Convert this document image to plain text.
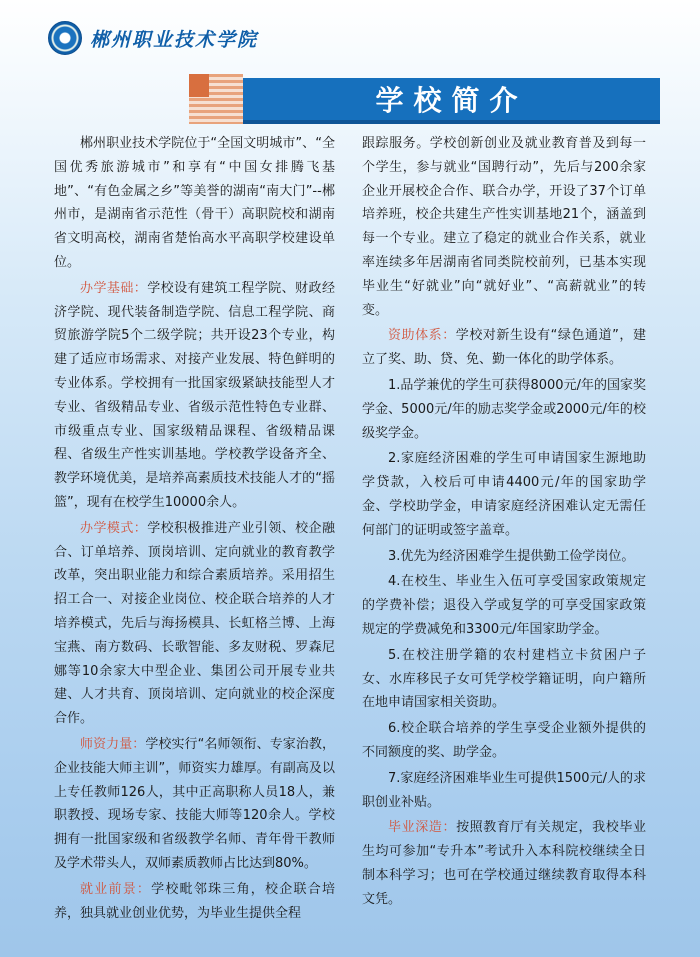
郴州职业技术学院
学校简介

郴州职业技术学院位于“全国文明城市”、“全国优秀旅游城市”和享有“中国女排腾飞基地”、“有色金属之乡”等美誉的湖南“南大门”--郴州市，是湖南省示范性（骨干）高职院校和湖南省文明高校，湖南省楚怡高水平高职学校建设单位。

办学基础：学校设有建筑工程学院、财政经济学院、现代装备制造学院、信息工程学院、商贸旅游学院5个二级学院；共开设23个专业，构建了适应市场需求、对接产业发展、特色鲜明的专业体系。学校拥有一批国家级紧缺技能型人才专业、省级精品专业、省级示范性特色专业群、市级重点专业、国家级精品课程、省级精品课程、省级生产性实训基地。学校教学设备齐全、教学环境优美，是培养高素质技术技能人才的“摇篮”，现有在校学生10000余人。

办学模式：学校积极推进产业引领、校企融合、订单培养、顶岗培训、定向就业的教育教学改革，突出职业能力和综合素质培养。采用招生招工合一、对接企业岗位、校企联合培养的人才培养模式，先后与海扬模具、长虹格兰博、上海宝燕、南方数码、长歌智能、多友财税、罗森尼娜等10余家大中型企业、集团公司开展专业共建、人才共育、顶岗培训、定向就业的校企深度合作。

师资力量：学校实行“名师领衔、专家治教，企业技能大师主训”，师资实力雄厚。有副高及以上专任教师126人，其中正高职称人员18人，兼职教授、现场专家、技能大师等120余人。学校拥有一批国家级和省级教学名师、青年骨干教师及学术带头人，双师素质教师占比达到80%。

就业前景：学校毗邻珠三角，校企联合培养，独具就业创业优势，为毕业生提供全程

跟踪服务。学校创新创业及就业教育普及到每一个学生，参与就业“国聘行动”，先后与200余家企业开展校企合作、联合办学，开设了37个订单培养班，校企共建生产性实训基地21个，涵盖到每一个专业。建立了稳定的就业合作关系，就业率连续多年居湖南省同类院校前列，已基本实现毕业生“好就业”向“就好业”、“高薪就业”的转变。

资助体系：学校对新生设有“绿色通道”，建立了奖、助、贷、免、勤一体化的助学体系。

1.品学兼优的学生可获得8000元/年的国家奖学金、5000元/年的励志奖学金或2000元/年的校级奖学金。

2.家庭经济困难的学生可申请国家生源地助学贷款，入校后可申请4400元/年的国家助学金、学校助学金，申请家庭经济困难认定无需任何部门的证明或签字盖章。

3.优先为经济困难学生提供勤工俭学岗位。

4.在校生、毕业生入伍可享受国家政策规定的学费补偿；退役入学或复学的可享受国家政策规定的学费减免和3300元/年国家助学金。

5.在校注册学籍的农村建档立卡贫困户子女、水库移民子女可凭学校学籍证明，向户籍所在地申请国家相关资助。

6.校企联合培养的学生享受企业额外提供的不同额度的奖、助学金。

7.家庭经济困难毕业生可提供1500元/人的求职创业补贴。

毕业深造：按照教育厅有关规定，我校毕业生均可参加“专升本”考试升入本科院校继续全日制本科学习；也可在学校通过继续教育取得本科文凭。
